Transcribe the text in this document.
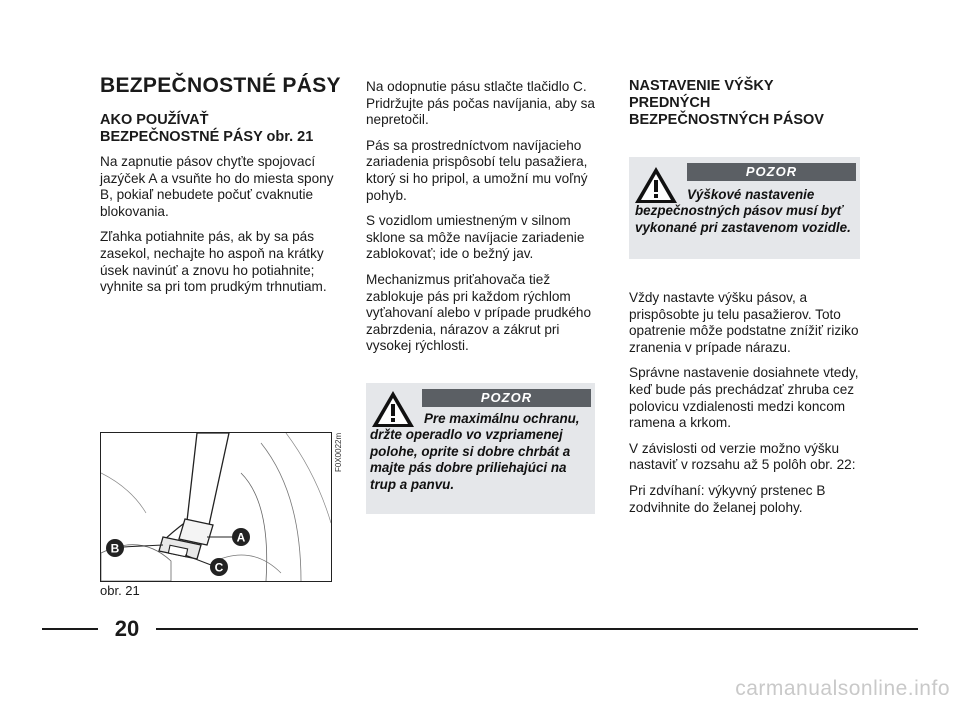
BEZPEČNOSTNÉ PÁSY
AKO POUŽÍVAŤ
BEZPEČNOSTNÉ PÁSY obr. 21

Na zapnutie pásov chyťte spojovací jazýček A a vsuňte ho do miesta spony B, pokiaľ nebudete počuť cvaknutie blokovania.

Zľahka potiahnite pás, ak by sa pás zasekol, nechajte ho aspoň na krátky úsek navinúť a znovu ho potiahnite; vyhnite sa pri tom prudkým trhnutiam.

B
A
C
F0X0022m
obr. 21

Na odopnutie pásu stlačte tlačidlo C. Pridržujte pás počas navíjania, aby sa nepretočil.

Pás sa prostredníctvom navíjacieho zariadenia prispôsobí telu pasažiera, ktorý si ho pripol, a umožní mu voľný pohyb.

S vozidlom umiestneným v silnom sklone sa môže navíjacie zariadenie zablokovať; ide o bežný jav.

Mechanizmus priťahovača tiež zablokuje pás pri každom rýchlom vyťahovaní alebo v prípade prudkého zabrzdenia, nárazov a zákrut pri vysokej rýchlosti.

POZOR
Pre maximálnu ochranu, držte operadlo vo vzpriamenej polohe, oprite si dobre chrbát a majte pás dobre priliehajúci na trup a panvu.
NASTAVENIE VÝŠKY
PREDNÝCH
BEZPEČNOSTNÝCH PÁSOV
POZOR
Výškové nastavenie bezpečnostných pásov musí byť vykonané pri zastavenom vozidle.

Vždy nastavte výšku pásov, a prispôsobte ju telu pasažierov. Toto opatrenie môže podstatne znížiť riziko zranenia v prípade nárazu.

Správne nastavenie dosiahnete vtedy, keď bude pás prechádzať zhruba cez polovicu vzdialenosti medzi koncom ramena a krkom.

V závislosti od verzie možno výšku nastaviť v rozsahu až 5 polôh obr. 22:

Pri zdvíhaní: výkyvný prstenec B zodvihnite do želanej polohy.

20
carmanualsonline.info
